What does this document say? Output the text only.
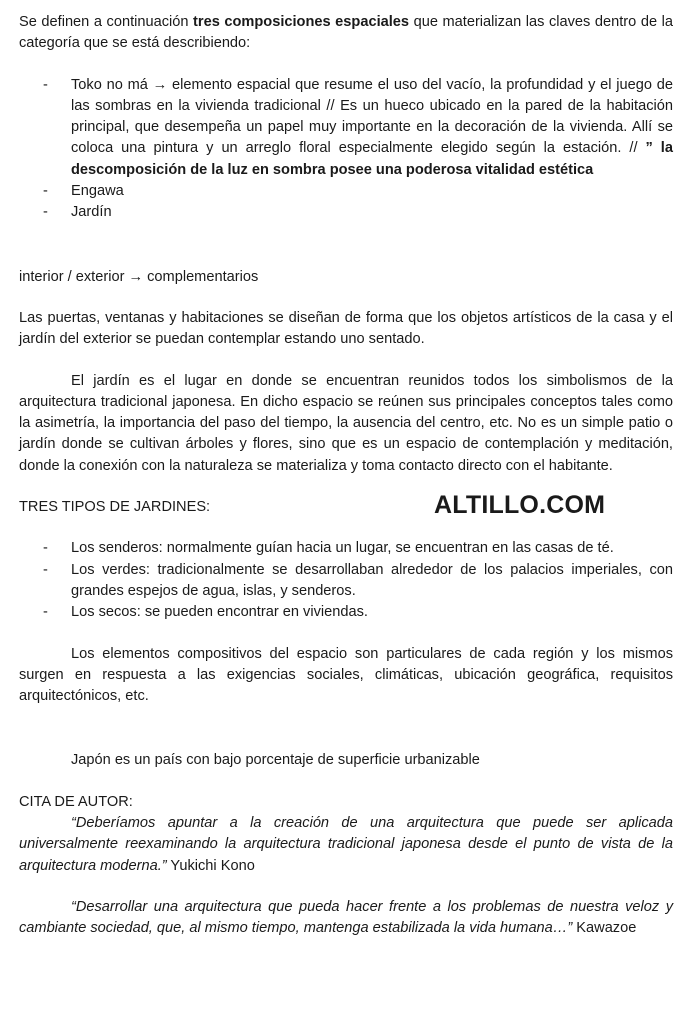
Se definen a continuación tres composiciones espaciales que materializan las claves dentro de la categoría que se está describiendo:

- Toko no má → elemento espacial que resume el uso del vacío, la profundidad y el juego de las sombras en la vivienda tradicional // Es un hueco ubicado en la pared de la habitación principal, que desempeña un papel muy importante en la decoración de la vivienda. Allí se coloca una pintura y un arreglo floral especialmente elegido según la estación. // ” la descomposición de la luz en sombra posee una poderosa vitalidad estética
- Engawa
- Jardín

interior / exterior → complementarios

Las puertas, ventanas y habitaciones se diseñan de forma que los objetos artísticos de la casa y el jardín del exterior se puedan contemplar estando uno sentado.

El jardín es el lugar en donde se encuentran reunidos todos los simbolismos de la arquitectura tradicional japonesa. En dicho espacio se reúnen sus principales conceptos tales como la asimetría, la importancia del paso del tiempo, la ausencia del centro, etc. No es un simple patio o jardín donde se cultivan árboles y flores, sino que es un espacio de contemplación y meditación, donde la conexión con la naturaleza se materializa y toma contacto directo con el habitante.

TRES TIPOS DE JARDINES:	ALTILLO.COM
- Los senderos: normalmente guían hacia un lugar, se encuentran en las casas de té.
- Los verdes: tradicionalmente se desarrollaban alrededor de los palacios imperiales, con grandes espejos de agua, islas, y senderos.
- Los secos: se pueden encontrar en viviendas.

Los elementos compositivos del espacio son particulares de cada región y los mismos surgen en respuesta a las exigencias sociales, climáticas, ubicación geográfica, requisitos arquitectónicos, etc.

Japón es un país con bajo porcentaje de superficie urbanizable

CITA DE AUTOR:

“Deberíamos apuntar a la creación de una arquitectura que puede ser aplicada universalmente reexaminando la arquitectura tradicional japonesa desde el punto de vista de la arquitectura moderna.” Yukichi Kono

“Desarrollar una arquitectura que pueda hacer frente a los problemas de nuestra veloz y cambiante sociedad, que, al mismo tiempo, mantenga estabilizada la vida humana…” Kawazoe
